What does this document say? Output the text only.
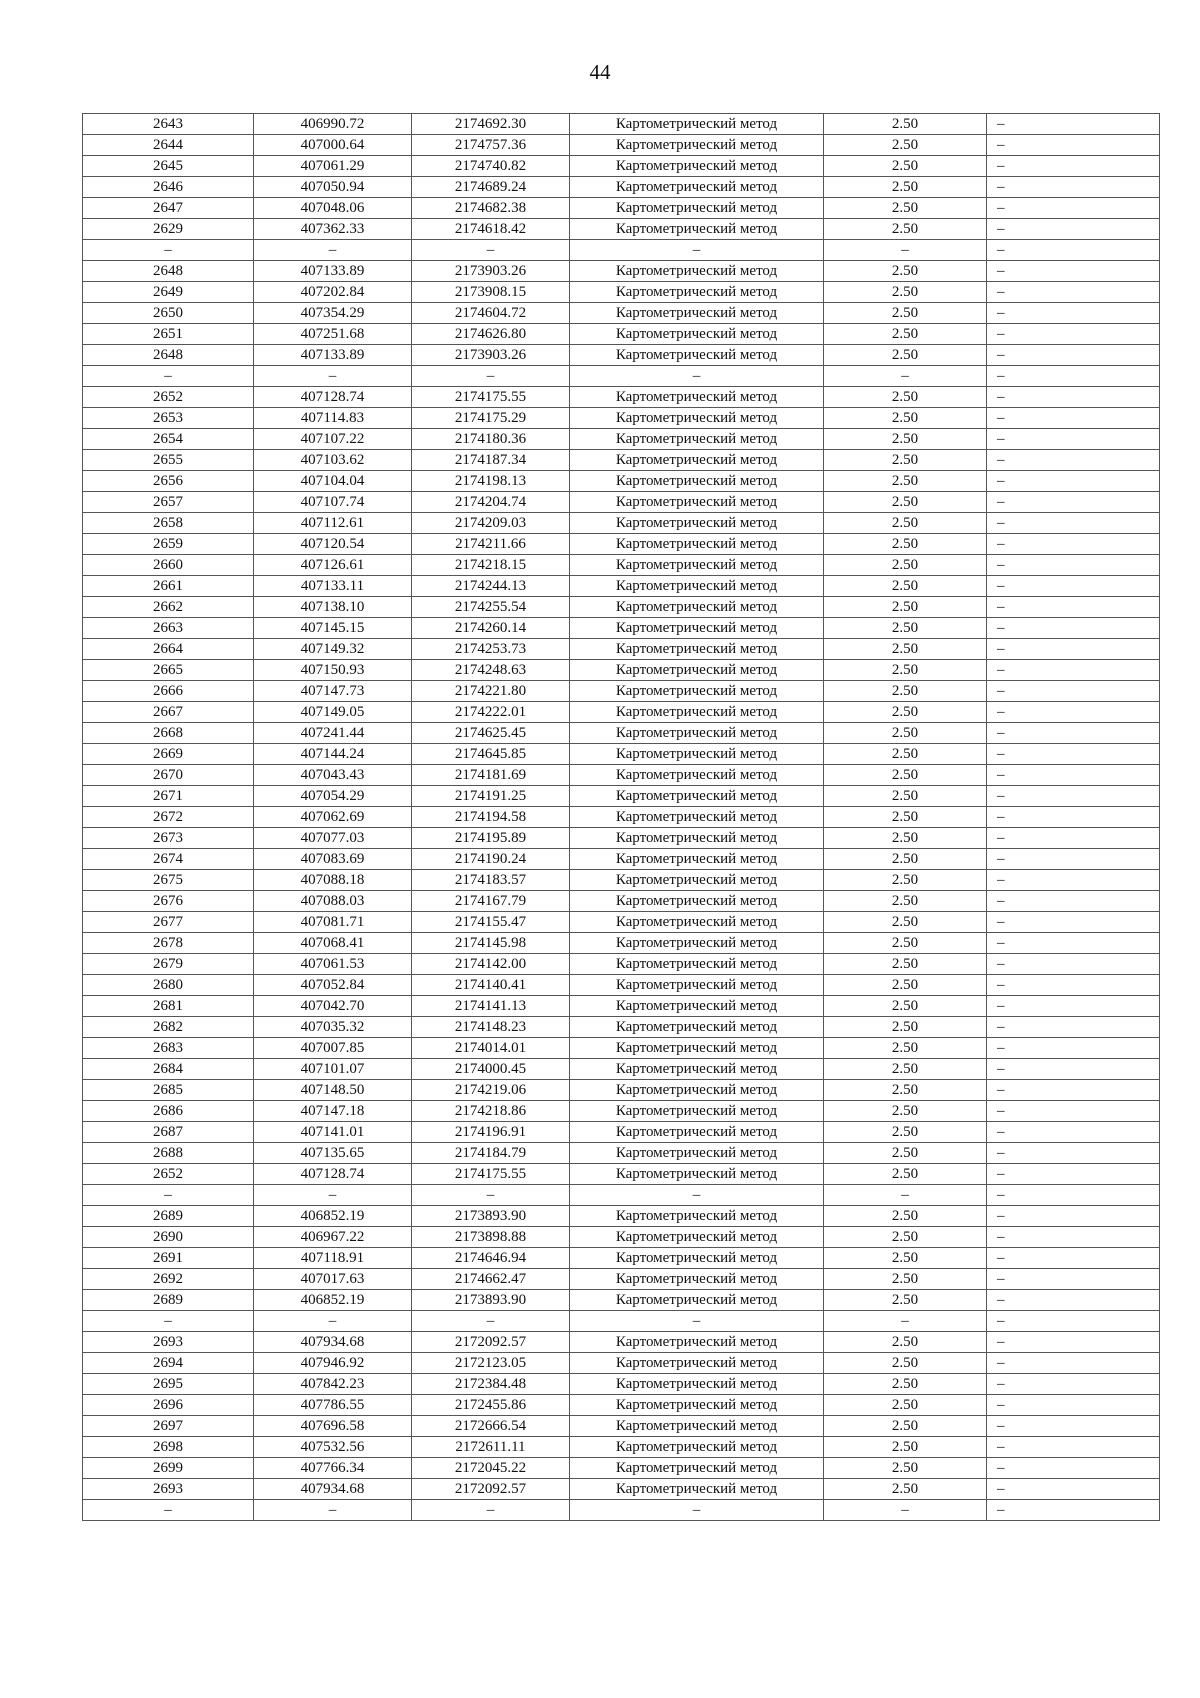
44
2643	406990.72	2174692.30	Картометрический метод	2.50	–
2644	407000.64	2174757.36	Картометрический метод	2.50	–
2645	407061.29	2174740.82	Картометрический метод	2.50	–
2646	407050.94	2174689.24	Картометрический метод	2.50	–
2647	407048.06	2174682.38	Картометрический метод	2.50	–
2629	407362.33	2174618.42	Картометрический метод	2.50	–
–	–	–	–	–	–
2648	407133.89	2173903.26	Картометрический метод	2.50	–
2649	407202.84	2173908.15	Картометрический метод	2.50	–
2650	407354.29	2174604.72	Картометрический метод	2.50	–
2651	407251.68	2174626.80	Картометрический метод	2.50	–
2648	407133.89	2173903.26	Картометрический метод	2.50	–
–	–	–	–	–	–
2652	407128.74	2174175.55	Картометрический метод	2.50	–
2653	407114.83	2174175.29	Картометрический метод	2.50	–
2654	407107.22	2174180.36	Картометрический метод	2.50	–
2655	407103.62	2174187.34	Картометрический метод	2.50	–
2656	407104.04	2174198.13	Картометрический метод	2.50	–
2657	407107.74	2174204.74	Картометрический метод	2.50	–
2658	407112.61	2174209.03	Картометрический метод	2.50	–
2659	407120.54	2174211.66	Картометрический метод	2.50	–
2660	407126.61	2174218.15	Картометрический метод	2.50	–
2661	407133.11	2174244.13	Картометрический метод	2.50	–
2662	407138.10	2174255.54	Картометрический метод	2.50	–
2663	407145.15	2174260.14	Картометрический метод	2.50	–
2664	407149.32	2174253.73	Картометрический метод	2.50	–
2665	407150.93	2174248.63	Картометрический метод	2.50	–
2666	407147.73	2174221.80	Картометрический метод	2.50	–
2667	407149.05	2174222.01	Картометрический метод	2.50	–
2668	407241.44	2174625.45	Картометрический метод	2.50	–
2669	407144.24	2174645.85	Картометрический метод	2.50	–
2670	407043.43	2174181.69	Картометрический метод	2.50	–
2671	407054.29	2174191.25	Картометрический метод	2.50	–
2672	407062.69	2174194.58	Картометрический метод	2.50	–
2673	407077.03	2174195.89	Картометрический метод	2.50	–
2674	407083.69	2174190.24	Картометрический метод	2.50	–
2675	407088.18	2174183.57	Картометрический метод	2.50	–
2676	407088.03	2174167.79	Картометрический метод	2.50	–
2677	407081.71	2174155.47	Картометрический метод	2.50	–
2678	407068.41	2174145.98	Картометрический метод	2.50	–
2679	407061.53	2174142.00	Картометрический метод	2.50	–
2680	407052.84	2174140.41	Картометрический метод	2.50	–
2681	407042.70	2174141.13	Картометрический метод	2.50	–
2682	407035.32	2174148.23	Картометрический метод	2.50	–
2683	407007.85	2174014.01	Картометрический метод	2.50	–
2684	407101.07	2174000.45	Картометрический метод	2.50	–
2685	407148.50	2174219.06	Картометрический метод	2.50	–
2686	407147.18	2174218.86	Картометрический метод	2.50	–
2687	407141.01	2174196.91	Картометрический метод	2.50	–
2688	407135.65	2174184.79	Картометрический метод	2.50	–
2652	407128.74	2174175.55	Картометрический метод	2.50	–
–	–	–	–	–	–
2689	406852.19	2173893.90	Картометрический метод	2.50	–
2690	406967.22	2173898.88	Картометрический метод	2.50	–
2691	407118.91	2174646.94	Картометрический метод	2.50	–
2692	407017.63	2174662.47	Картометрический метод	2.50	–
2689	406852.19	2173893.90	Картометрический метод	2.50	–
–	–	–	–	–	–
2693	407934.68	2172092.57	Картометрический метод	2.50	–
2694	407946.92	2172123.05	Картометрический метод	2.50	–
2695	407842.23	2172384.48	Картометрический метод	2.50	–
2696	407786.55	2172455.86	Картометрический метод	2.50	–
2697	407696.58	2172666.54	Картометрический метод	2.50	–
2698	407532.56	2172611.11	Картометрический метод	2.50	–
2699	407766.34	2172045.22	Картометрический метод	2.50	–
2693	407934.68	2172092.57	Картометрический метод	2.50	–
–	–	–	–	–	–
